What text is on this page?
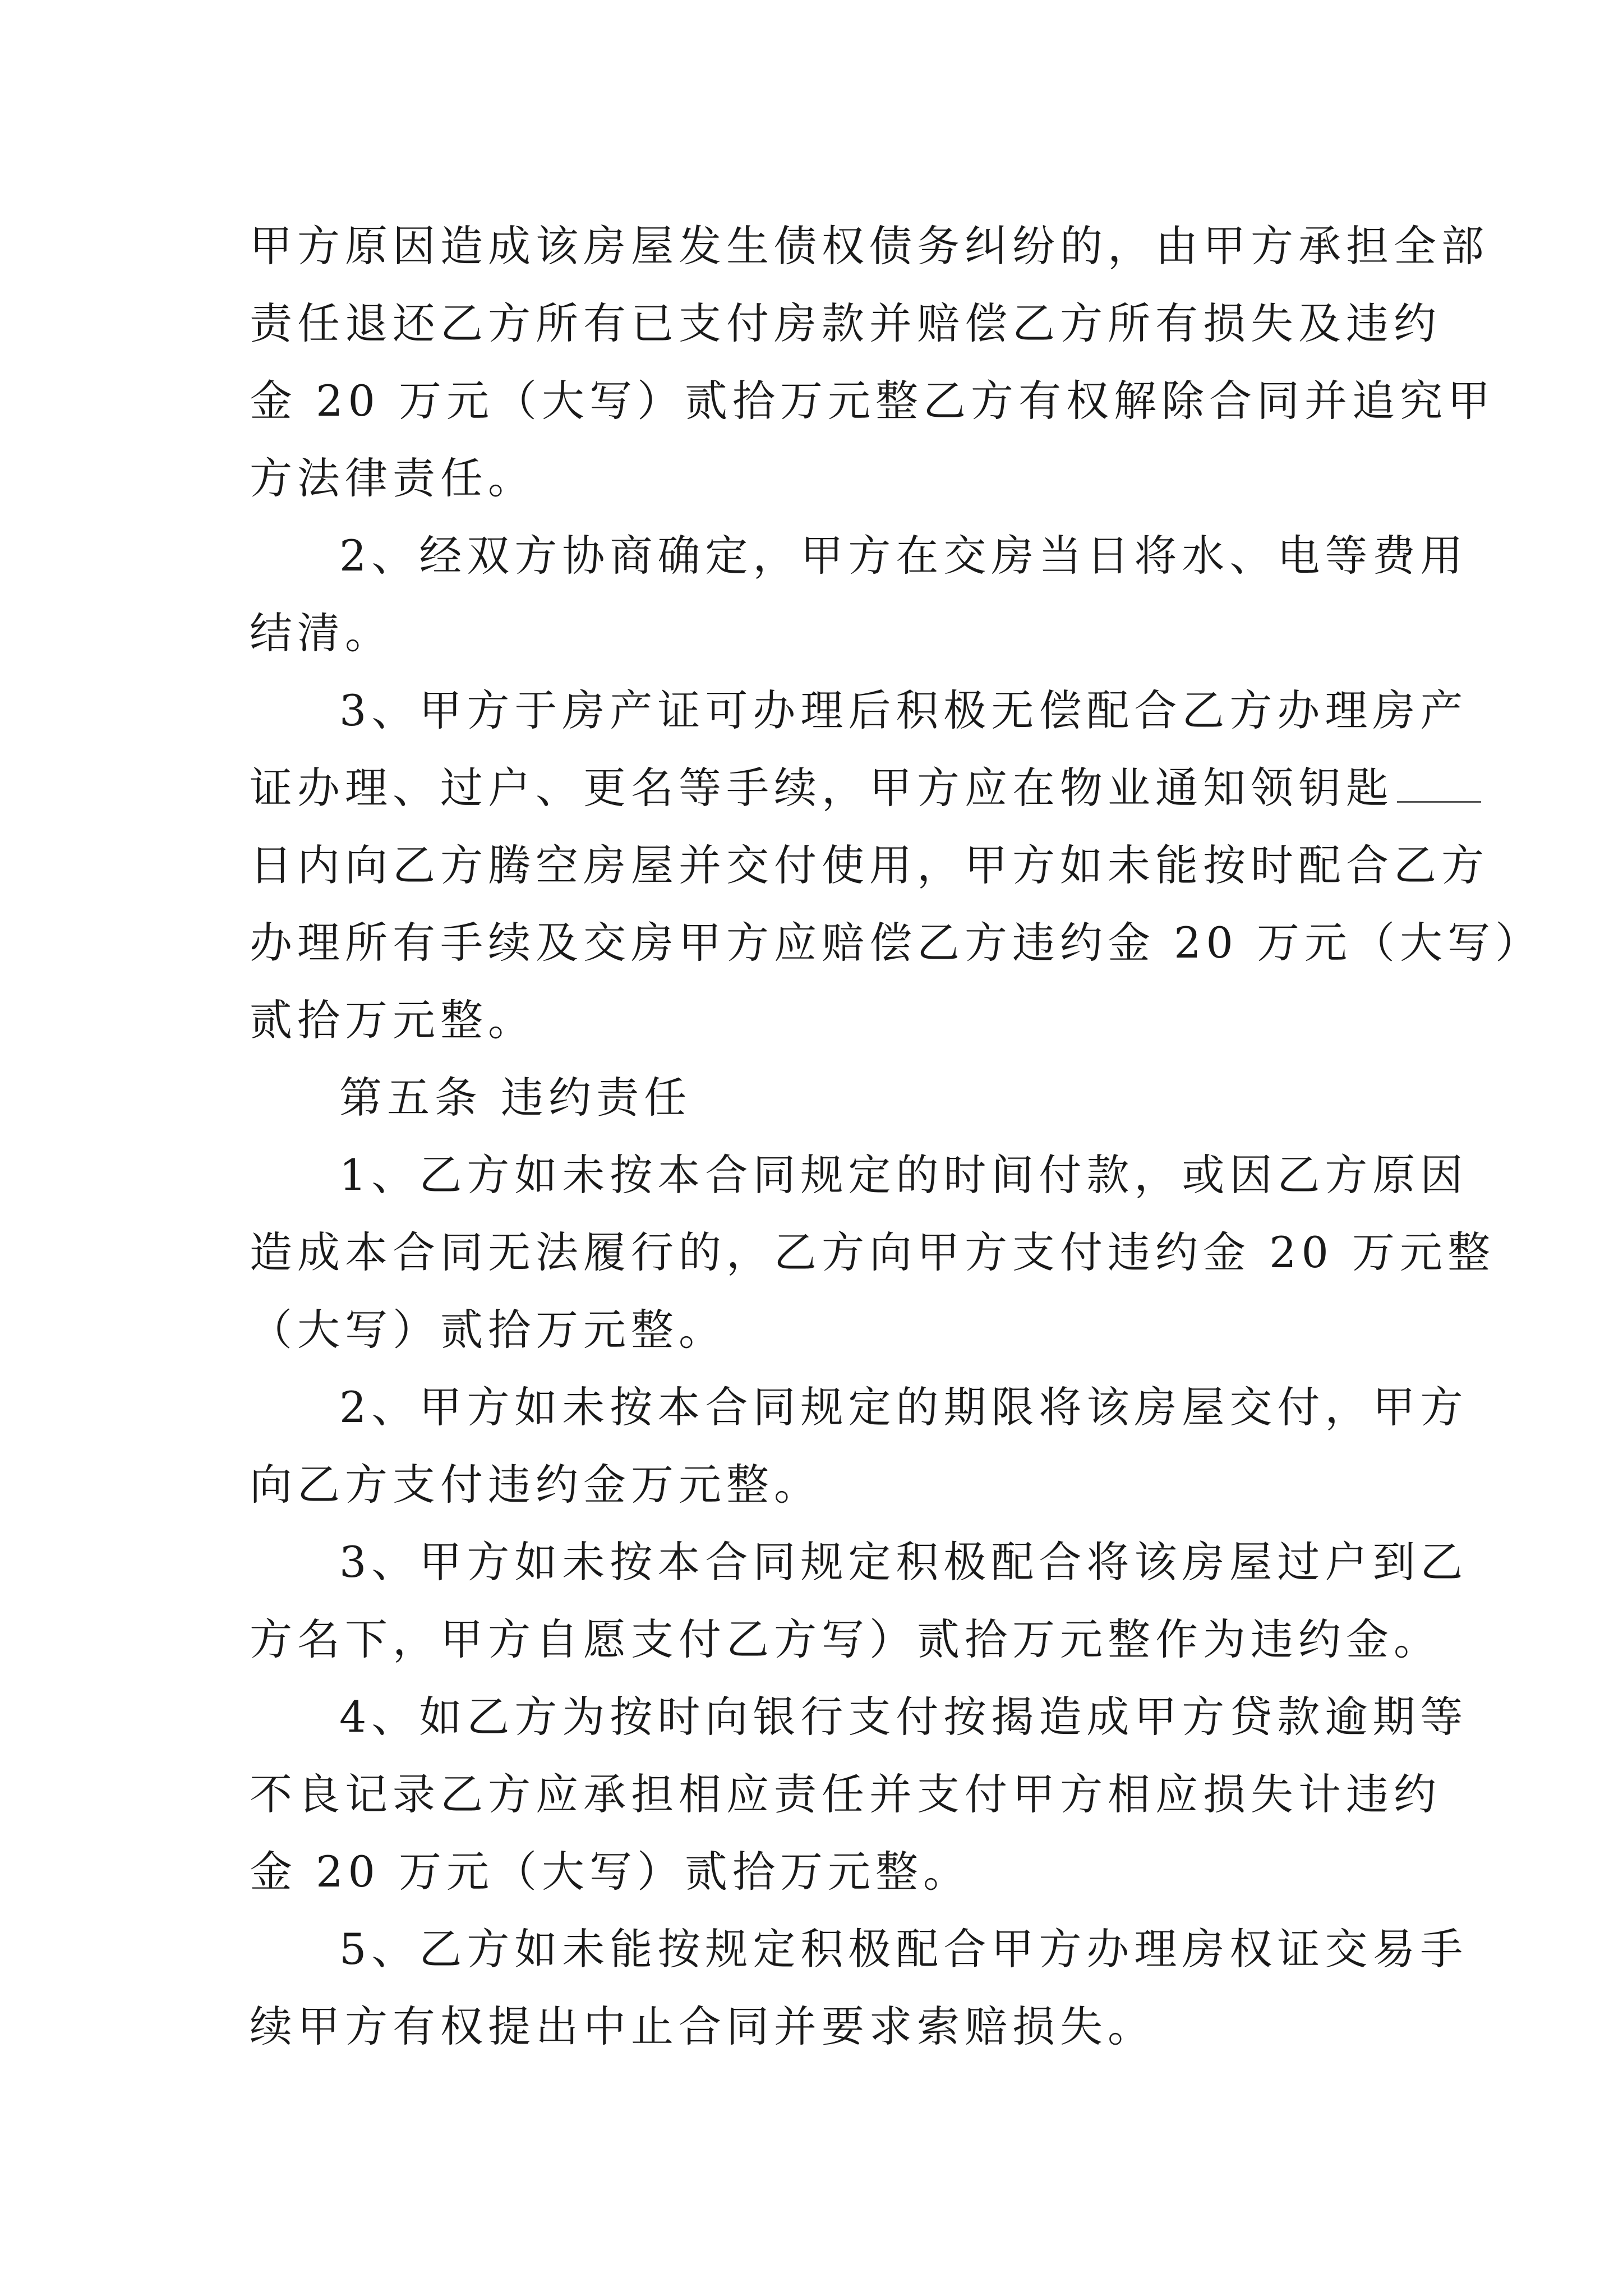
甲方原因造成该房屋发生债权债务纠纷的，由甲方承担全部
责任退还乙方所有已支付房款并赔偿乙方所有损失及违约
金 20 万元（大写）贰拾万元整乙方有权解除合同并追究甲
方法律责任。
2、经双方协商确定，甲方在交房当日将水、电等费用
结清。
3、甲方于房产证可办理后积极无偿配合乙方办理房产
证办理、过户、更名等手续，甲方应在物业通知领钥匙
日内向乙方腾空房屋并交付使用，甲方如未能按时配合乙方
办理所有手续及交房甲方应赔偿乙方违约金 20 万元（大写）
贰拾万元整。
第五条 违约责任
1、乙方如未按本合同规定的时间付款，或因乙方原因
造成本合同无法履行的，乙方向甲方支付违约金 20 万元整
（大写）贰拾万元整。
2、甲方如未按本合同规定的期限将该房屋交付，甲方
向乙方支付违约金万元整。
3、甲方如未按本合同规定积极配合将该房屋过户到乙
方名下，甲方自愿支付乙方写）贰拾万元整作为违约金。
4、如乙方为按时向银行支付按揭造成甲方贷款逾期等
不良记录乙方应承担相应责任并支付甲方相应损失计违约
金 20 万元（大写）贰拾万元整。
5、乙方如未能按规定积极配合甲方办理房权证交易手
续甲方有权提出中止合同并要求索赔损失。
